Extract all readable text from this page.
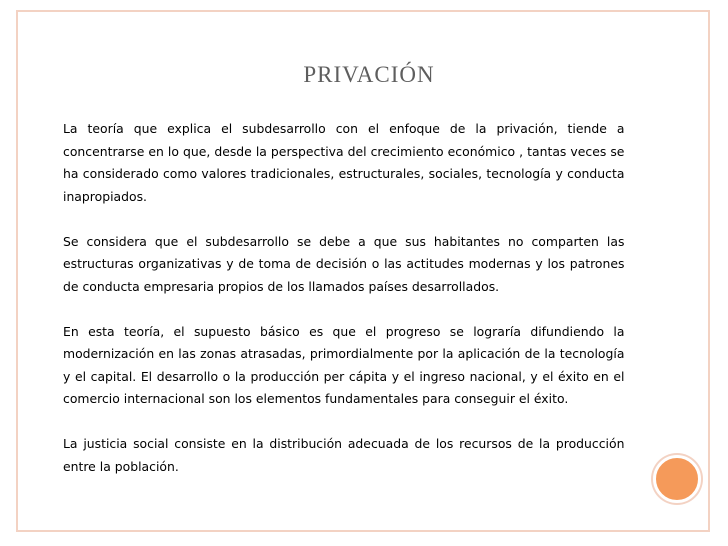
PRIVACIÓN

La teoría que explica el subdesarrollo con el enfoque de la privación, tiende a concentrarse en lo que, desde la perspectiva del crecimiento económico , tantas veces se ha considerado como valores tradicionales, estructurales, sociales, tecnología y conducta inapropiados.

Se considera que el subdesarrollo se debe a que sus habitantes no comparten las estructuras organizativas y de toma de decisión o las actitudes modernas y los patrones de conducta empresaria propios de los llamados países desarrollados.

En esta teoría, el supuesto básico es que el progreso se lograría difundiendo la modernización en las zonas atrasadas, primordialmente por la aplicación de la tecnología y el capital. El desarrollo o la producción per cápita y el ingreso nacional, y el éxito en el comercio internacional son los elementos fundamentales para conseguir el éxito.

La justicia social consiste en la distribución adecuada de los recursos de la producción entre la población.
